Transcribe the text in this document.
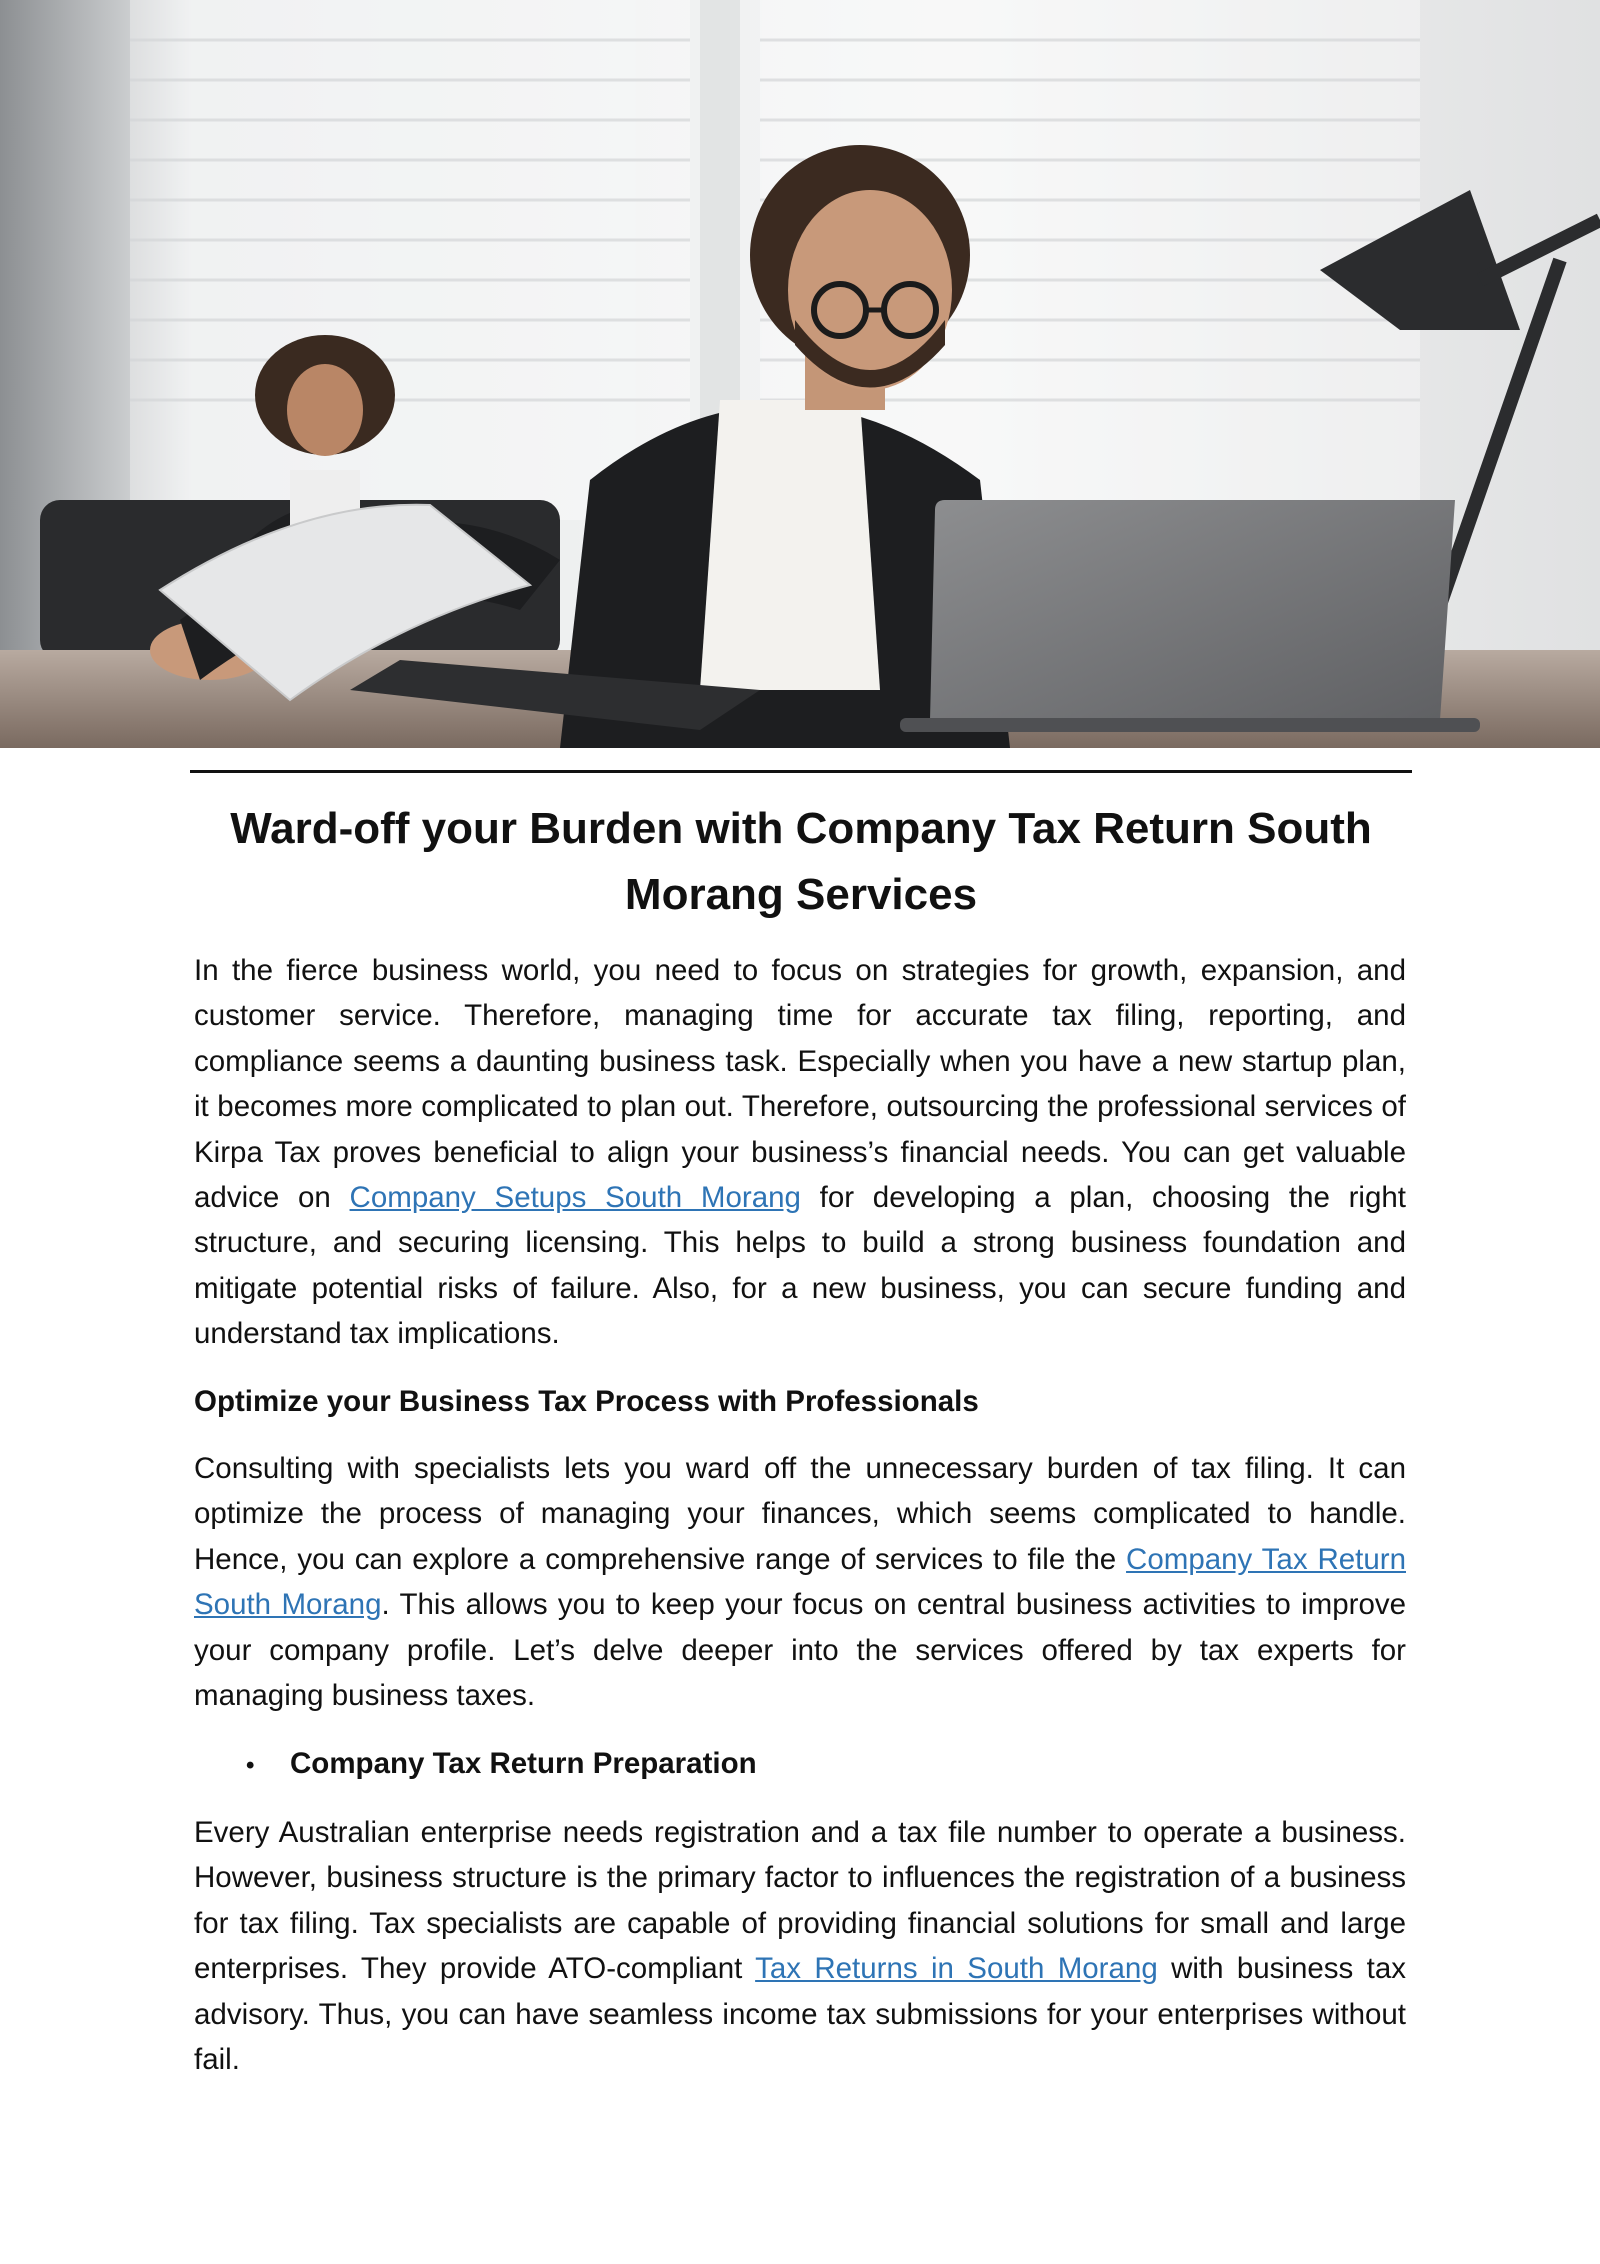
Ward-off your Burden with Company Tax Return South
Morang Services

In the fierce business world, you need to focus on strategies for growth, expansion, and customer service. Therefore, managing time for accurate tax filing, reporting, and compliance seems a daunting business task. Especially when you have a new startup plan, it becomes more complicated to plan out. Therefore, outsourcing the professional services of Kirpa Tax proves beneficial to align your business’s financial needs. You can get valuable advice on Company Setups South Morang for developing a plan, choosing the right structure, and securing licensing. This helps to build a strong business foundation and mitigate potential risks of failure. Also, for a new business, you can secure funding and understand tax implications.

Optimize your Business Tax Process with Professionals

Consulting with specialists lets you ward off the unnecessary burden of tax filing. It can optimize the process of managing your finances, which seems complicated to handle. Hence, you can explore a comprehensive range of services to file the Company Tax Return South Morang. This allows you to keep your focus on central business activities to improve your company profile. Let’s delve deeper into the services offered by tax experts for managing business taxes.

•	Company Tax Return Preparation

Every Australian enterprise needs registration and a tax file number to operate a business. However, business structure is the primary factor to influences the registration of a business for tax filing. Tax specialists are capable of providing financial solutions for small and large enterprises. They provide ATO-compliant Tax Returns in South Morang with business tax advisory. Thus, you can have seamless income tax submissions for your enterprises without fail.
